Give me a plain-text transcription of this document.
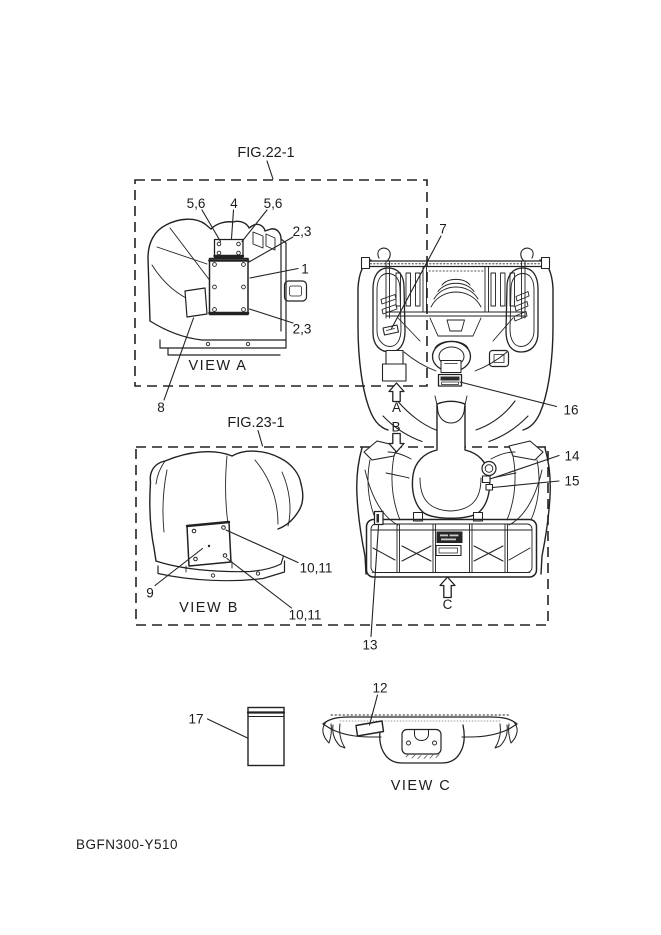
5,6 4 5,6
2,3
1
2,3
8
7
16
14
15
13
9
10,11
10,11
12
17
A
B
C
FIG.22-1
FIG.23-1
VIEW A
VIEW B
VIEW C
BGFN300-Y510
